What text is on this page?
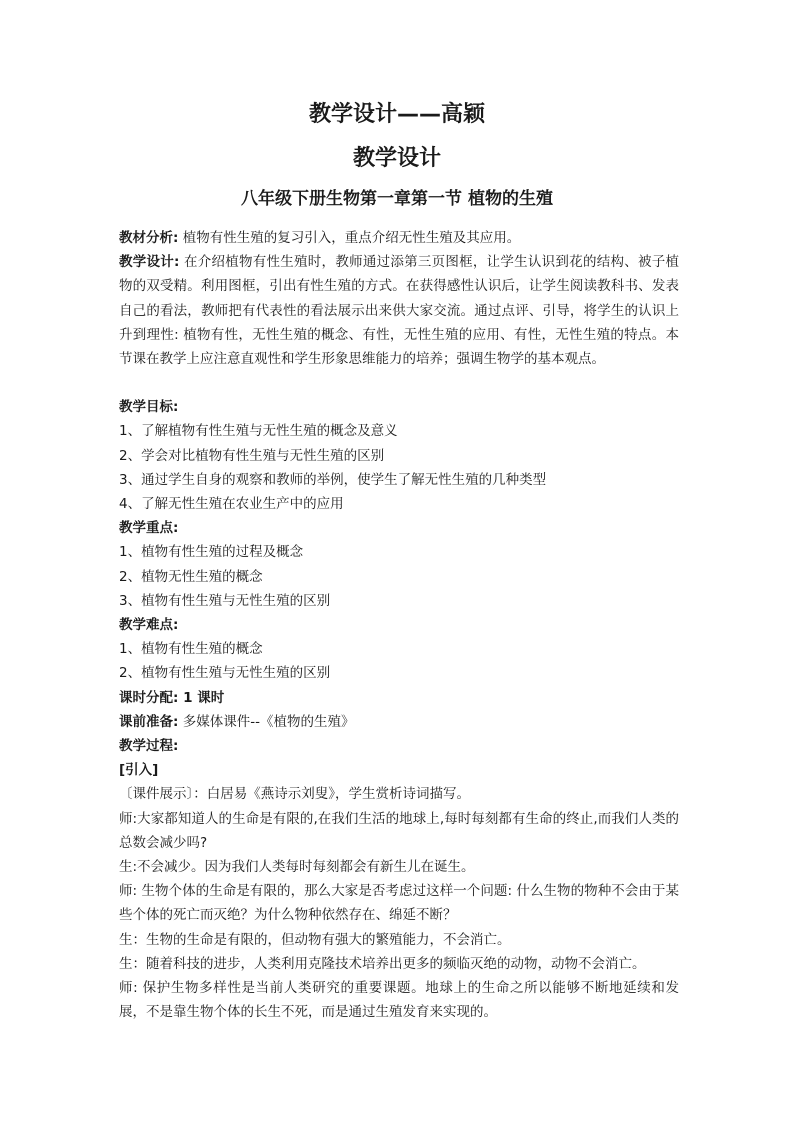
教学设计——高颖
教学设计
八年级下册生物第一章第一节 植物的生殖

教材分析: 植物有性生殖的复习引入，重点介绍无性生殖及其应用。

教学设计: 在介绍植物有性生殖时，教师通过添第三页图框，让学生认识到花的结构、被子植物的双受精。利用图框，引出有性生殖的方式。在获得感性认识后，让学生阅读教科书、发表自己的看法，教师把有代表性的看法展示出来供大家交流。通过点评、引导，将学生的认识上升到理性: 植物有性，无性生殖的概念、有性，无性生殖的应用、有性，无性生殖的特点。本节课在教学上应注意直观性和学生形象思维能力的培养；强调生物学的基本观点。

教学目标:

1、了解植物有性生殖与无性生殖的概念及意义

2、学会对比植物有性生殖与无性生殖的区别

3、通过学生自身的观察和教师的举例，使学生了解无性生殖的几种类型

4、了解无性生殖在农业生产中的应用

教学重点:

1、植物有性生殖的过程及概念

2、植物无性生殖的概念

3、植物有性生殖与无性生殖的区别

教学难点:

1、植物有性生殖的概念

2、植物有性生殖与无性生殖的区别

课时分配: 1 课时

课前准备: 多媒体课件--《植物的生殖》

教学过程:

[引入]

〔课件展示〕：白居易《燕诗示刘叟》，学生赏析诗词描写。

师:大家都知道人的生命是有限的,在我们生活的地球上,每时每刻都有生命的终止,而我们人类的总数会减少吗?

生:不会减少。因为我们人类每时每刻都会有新生儿在诞生。

师: 生物个体的生命是有限的，那么大家是否考虑过这样一个问题: 什么生物的物种不会由于某些个体的死亡而灭绝？为什么物种依然存在、绵延不断？

生：生物的生命是有限的，但动物有强大的繁殖能力，不会消亡。

生：随着科技的进步，人类利用克隆技术培养出更多的频临灭绝的动物，动物不会消亡。

师: 保护生物多样性是当前人类研究的重要课题。地球上的生命之所以能够不断地延续和发展，不是靠生物个体的长生不死，而是通过生殖发育来实现的。
